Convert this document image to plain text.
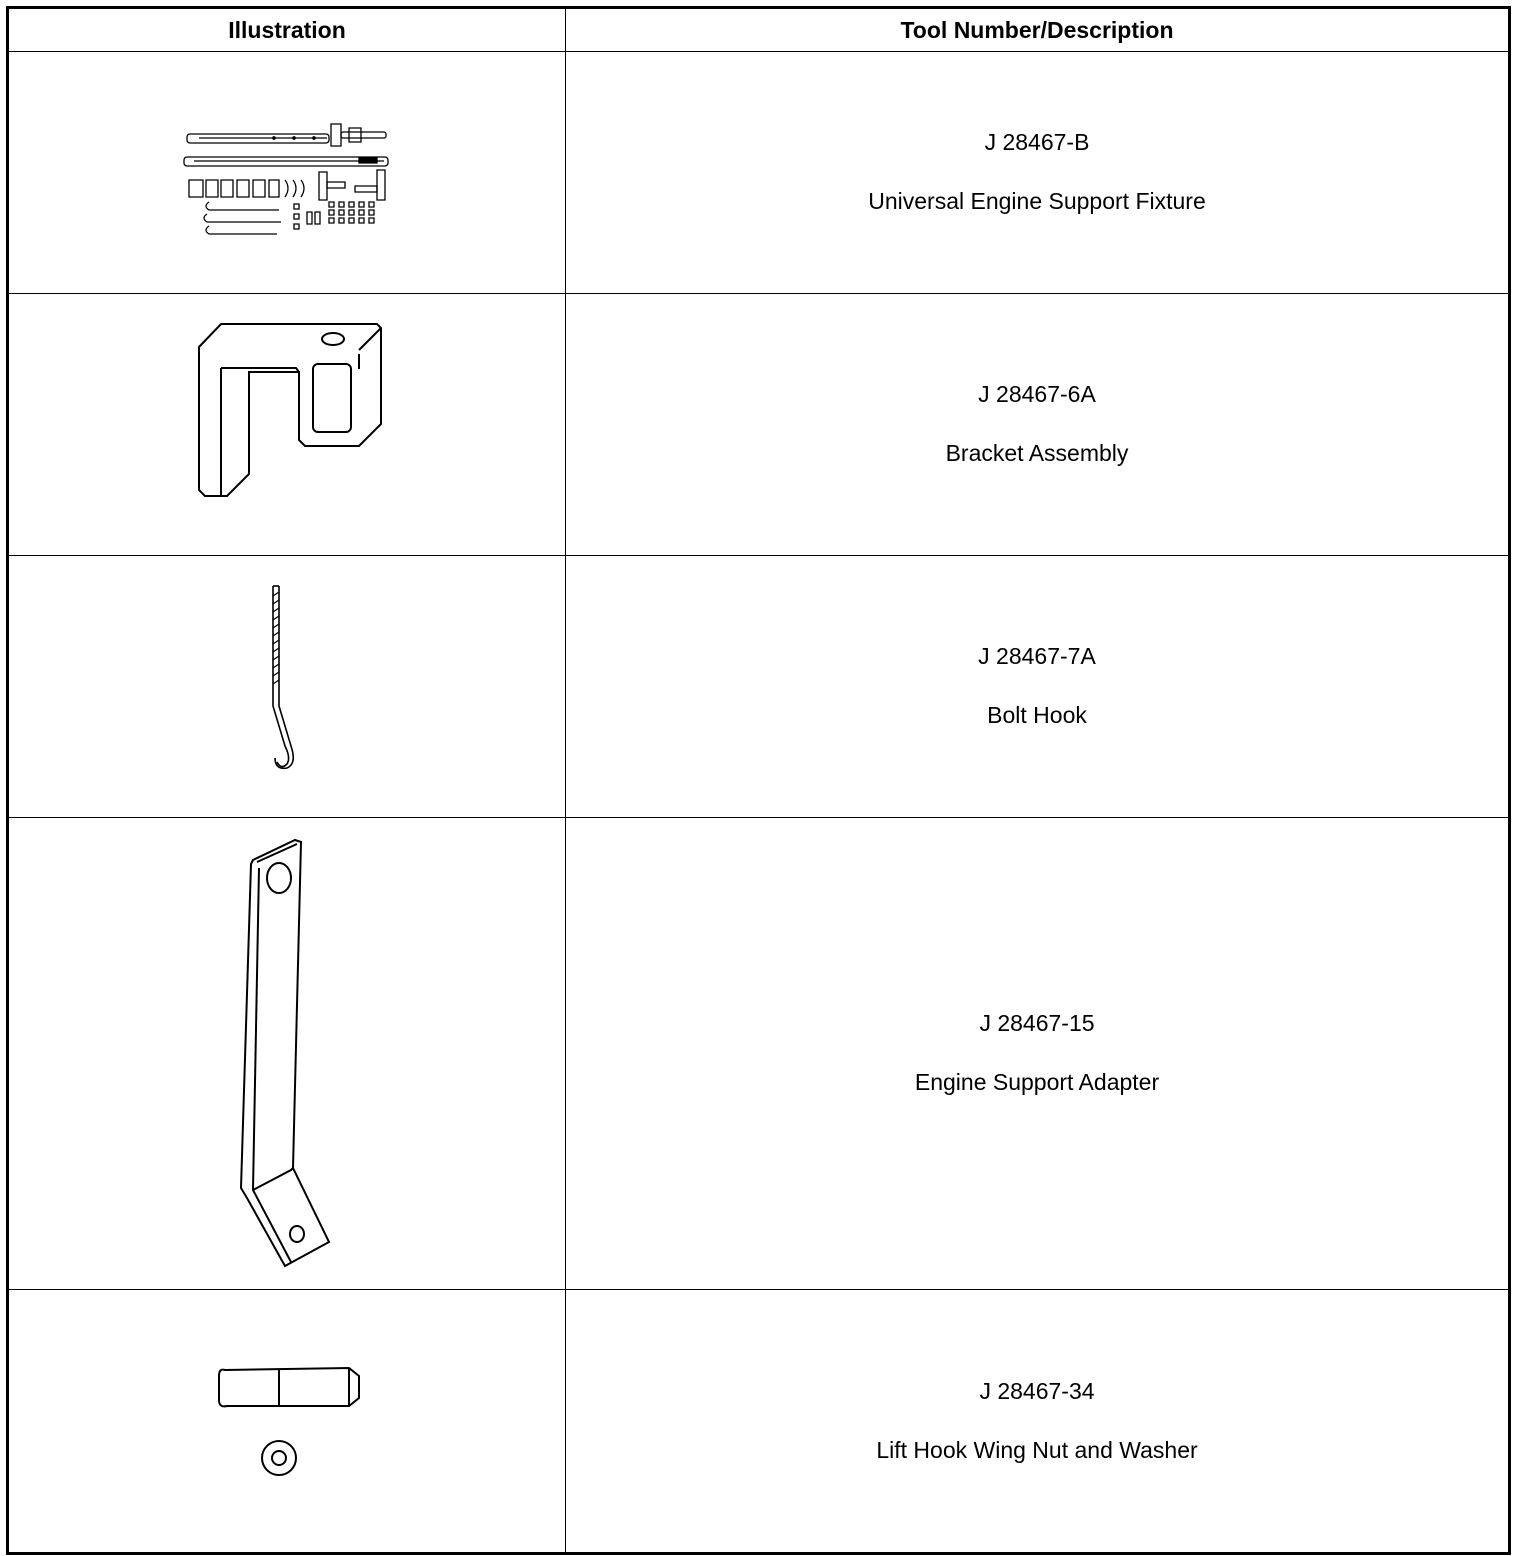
Illustration	Tool Number/Description

J 28467-B
Universal Engine Support Fixture

J 28467-6A
Bracket Assembly

J 28467-7A
Bolt Hook

J 28467-15
Engine Support Adapter

J 28467-34
Lift Hook Wing Nut and Washer
